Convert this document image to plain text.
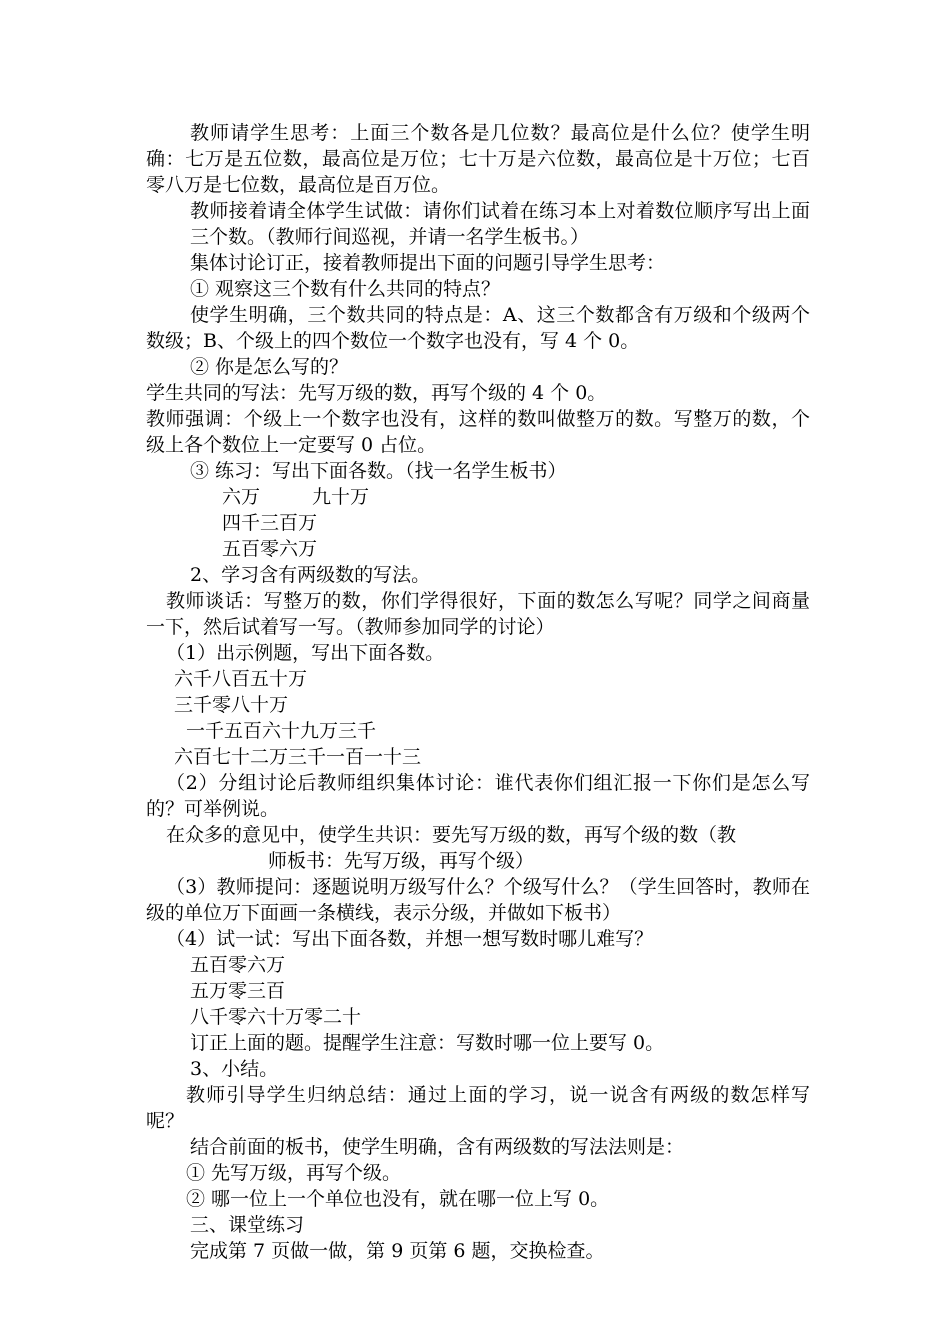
教师请学生思考：上面三个数各是几位数？最高位是什么位？使学生明确：七万是五位数，最高位是万位；七十万是六位数，最高位是十万位；七百零八万是七位数，最高位是百万位。

教师接着请全体学生试做：请你们试着在练习本上对着数位顺序写出上面三个数。（教师行间巡视，并请一名学生板书。）

集体讨论订正，接着教师提出下面的问题引导学生思考：

① 观察这三个数有什么共同的特点？

使学生明确，三个数共同的特点是：A、这三个数都含有万级和个级两个数级；B、个级上的四个数位一个数字也没有，写 4 个 0。

② 你是怎么写的？

学生共同的写法：先写万级的数，再写个级的 4 个 0。

教师强调：个级上一个数字也没有，这样的数叫做整万的数。写整万的数，个级上各个数位上一定要写 0 占位。

③ 练习：写出下面各数。（找一名学生板书）

六万	九十万

四千三百万

五百零六万

2、学习含有两级数的写法。

教师谈话：写整万的数，你们学得很好，下面的数怎么写呢？同学之间商量一下，然后试着写一写。（教师参加同学的讨论）

（1）出示例题，写出下面各数。

六千八百五十万

三千零八十万

一千五百六十九万三千

六百七十二万三千一百一十三

（2）分组讨论后教师组织集体讨论：谁代表你们组汇报一下你们是怎么写的？可举例说。

在众多的意见中，使学生共识：要先写万级的数，再写个级的数（教

师板书：先写万级，再写个级）

（3）教师提问：逐题说明万级写什么？个级写什么？（学生回答时，教师在级的单位万下面画一条横线，表示分级，并做如下板书）

（4）试一试：写出下面各数，并想一想写数时哪儿难写？

五百零六万

五万零三百

八千零六十万零二十

订正上面的题。提醒学生注意：写数时哪一位上要写 0。

3、小结。

教师引导学生归纳总结：通过上面的学习，说一说含有两级的数怎样写呢？

结合前面的板书，使学生明确，含有两级数的写法法则是：

① 先写万级，再写个级。

② 哪一位上一个单位也没有，就在哪一位上写 0。

三、课堂练习

完成第 7 页做一做，第 9 页第 6 题，交换检查。
